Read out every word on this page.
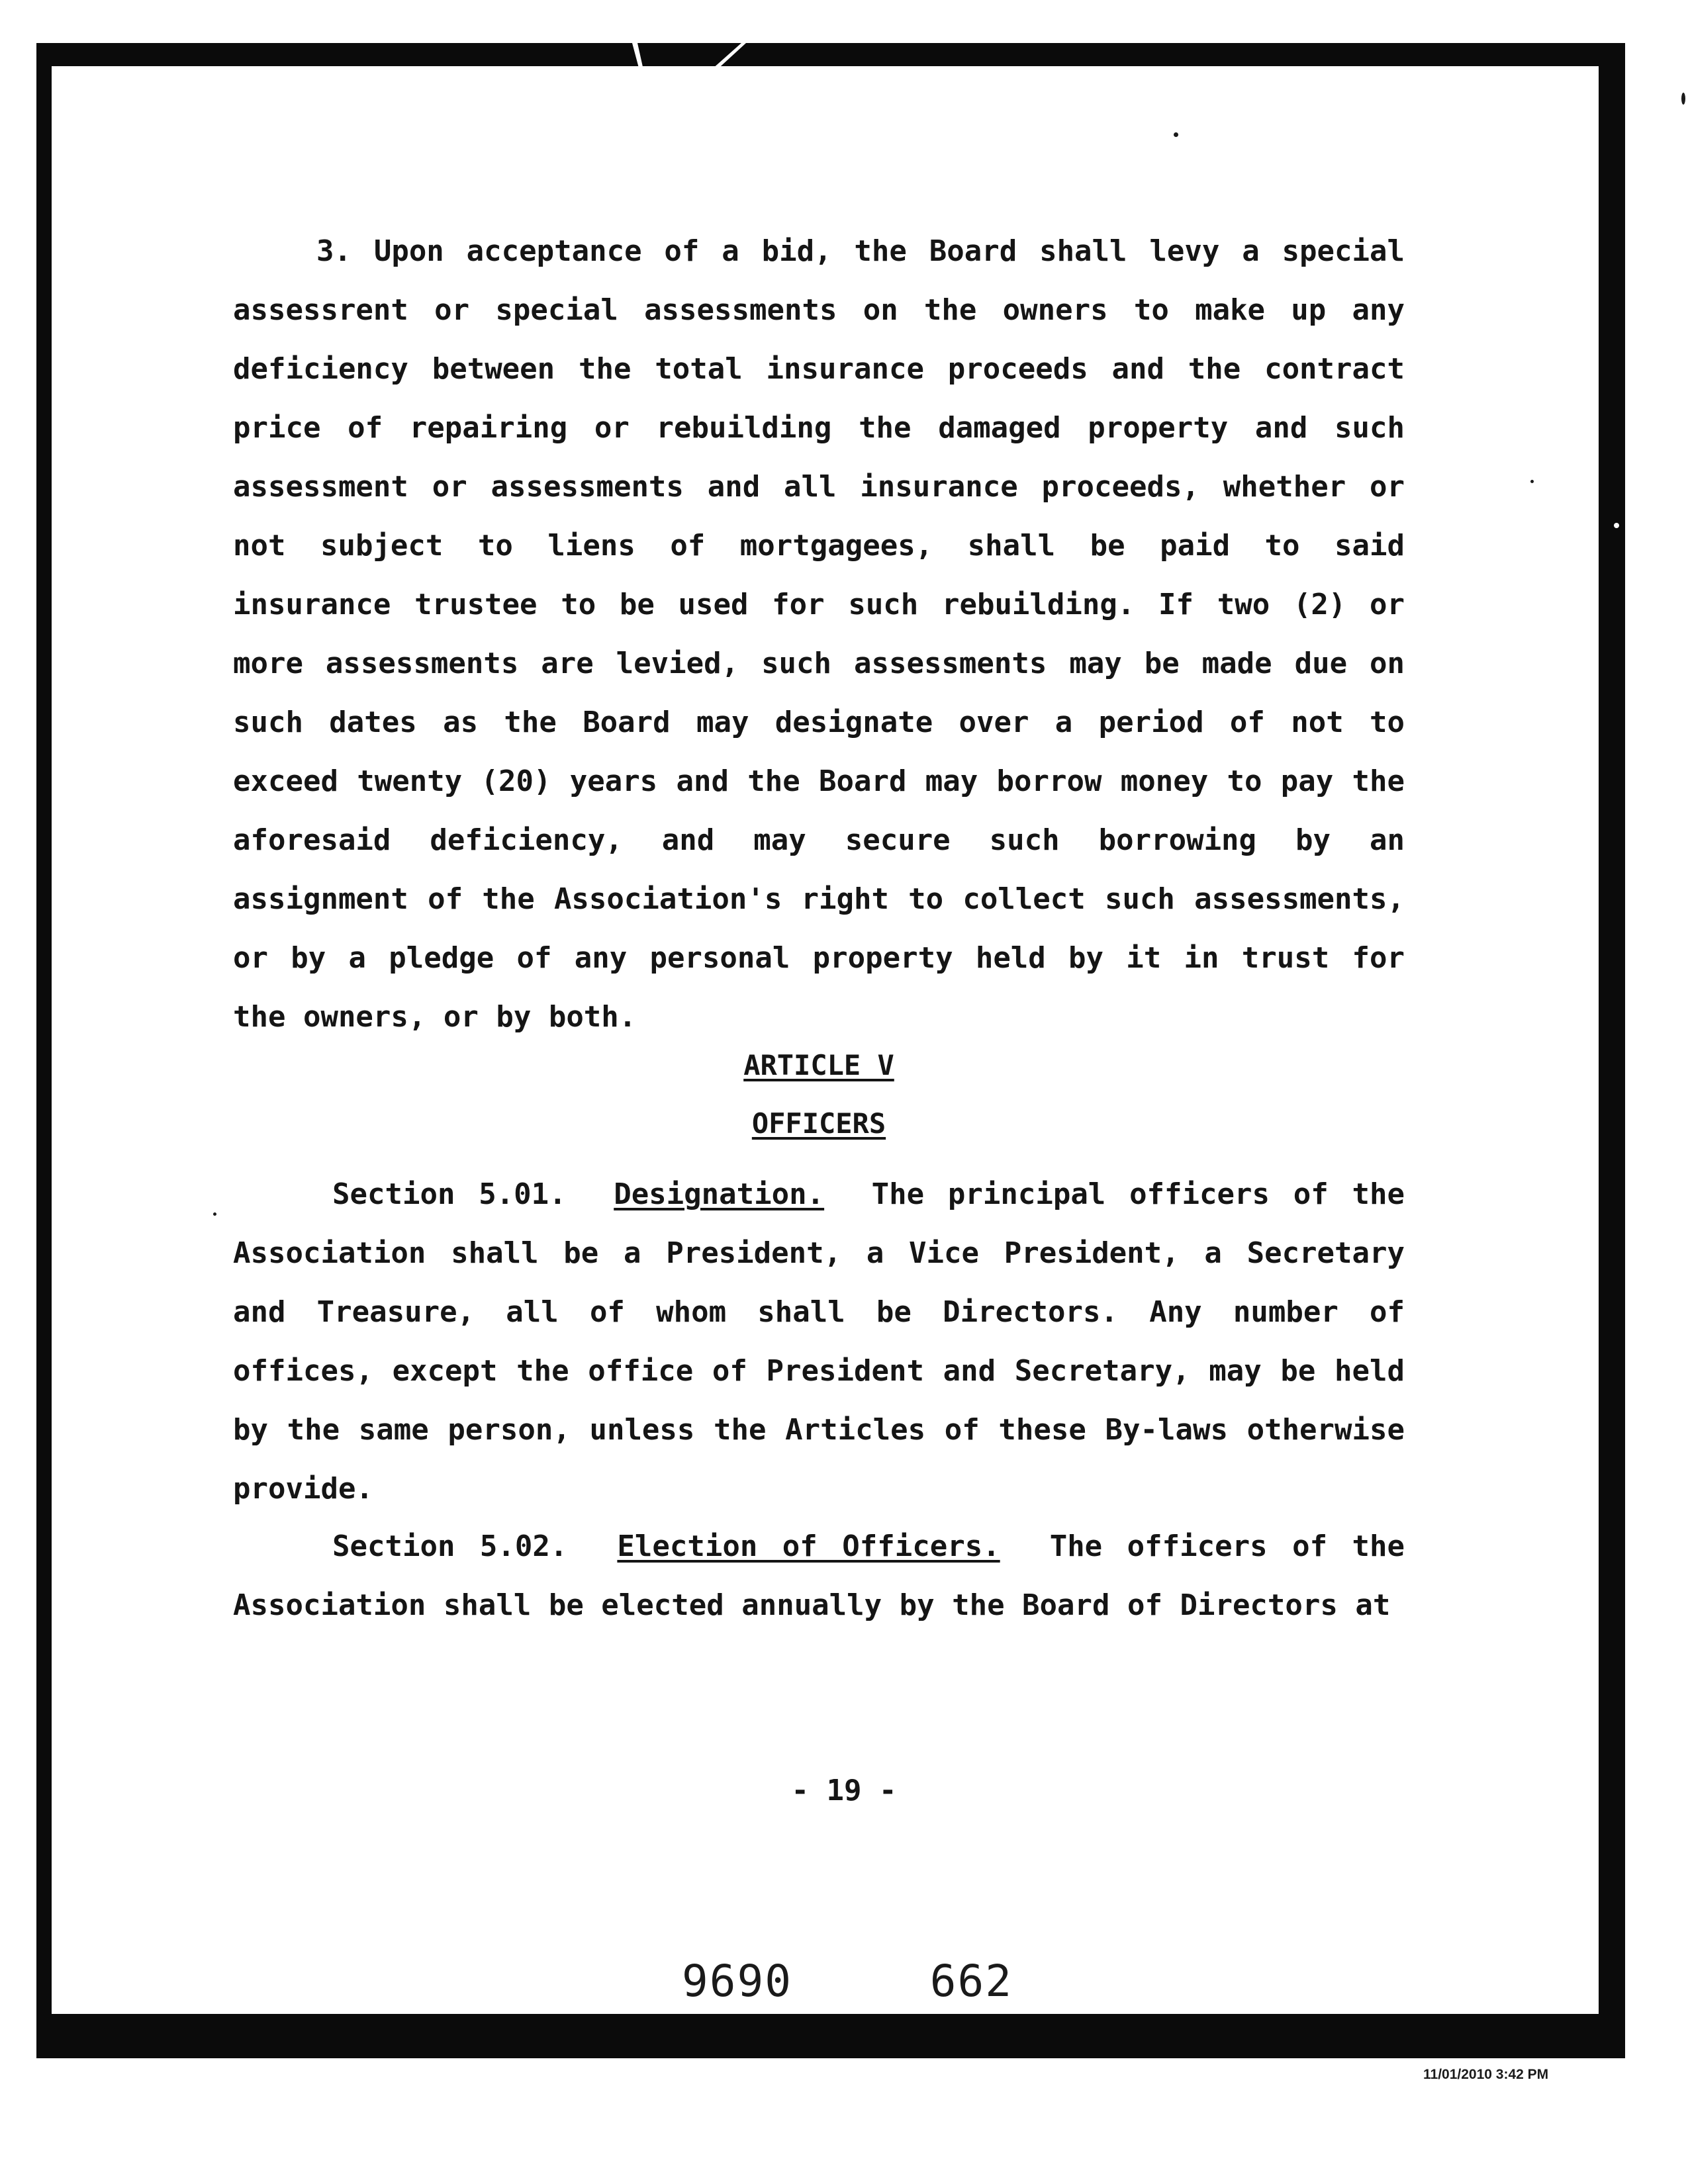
3. Upon acceptance of a bid, the Board shall levy a special assessrent or special assessments on the owners to make up any deficiency between the total insurance proceeds and the contract price of repairing or rebuilding the damaged property and such assessment or assessments and all insurance proceeds, whether or not subject to liens of mortgagees, shall be paid to said insurance trustee to be used for such rebuilding. If two (2) or more assessments are levied, such assessments may be made due on such dates as the Board may designate over a period of not to exceed twenty (20) years and the Board may borrow money to pay the aforesaid deficiency, and may secure such borrowing by an assignment of the Association's right to collect such assessments, or by a pledge of any personal property held by it in trust for the owners, or by both.

ARTICLE V

OFFICERS

Section 5.01. Designation. The principal officers of the Association shall be a President, a Vice President, a Secretary and Treasure, all of whom shall be Directors. Any number of offices, except the office of President and Secretary, may be held by the same person, unless the Articles of these By-laws otherwise provide.

Section 5.02. Election of Officers. The officers of the Association shall be elected annually by the Board of Directors at

- 19 -

9690	662
11/01/2010 3:42 PM
